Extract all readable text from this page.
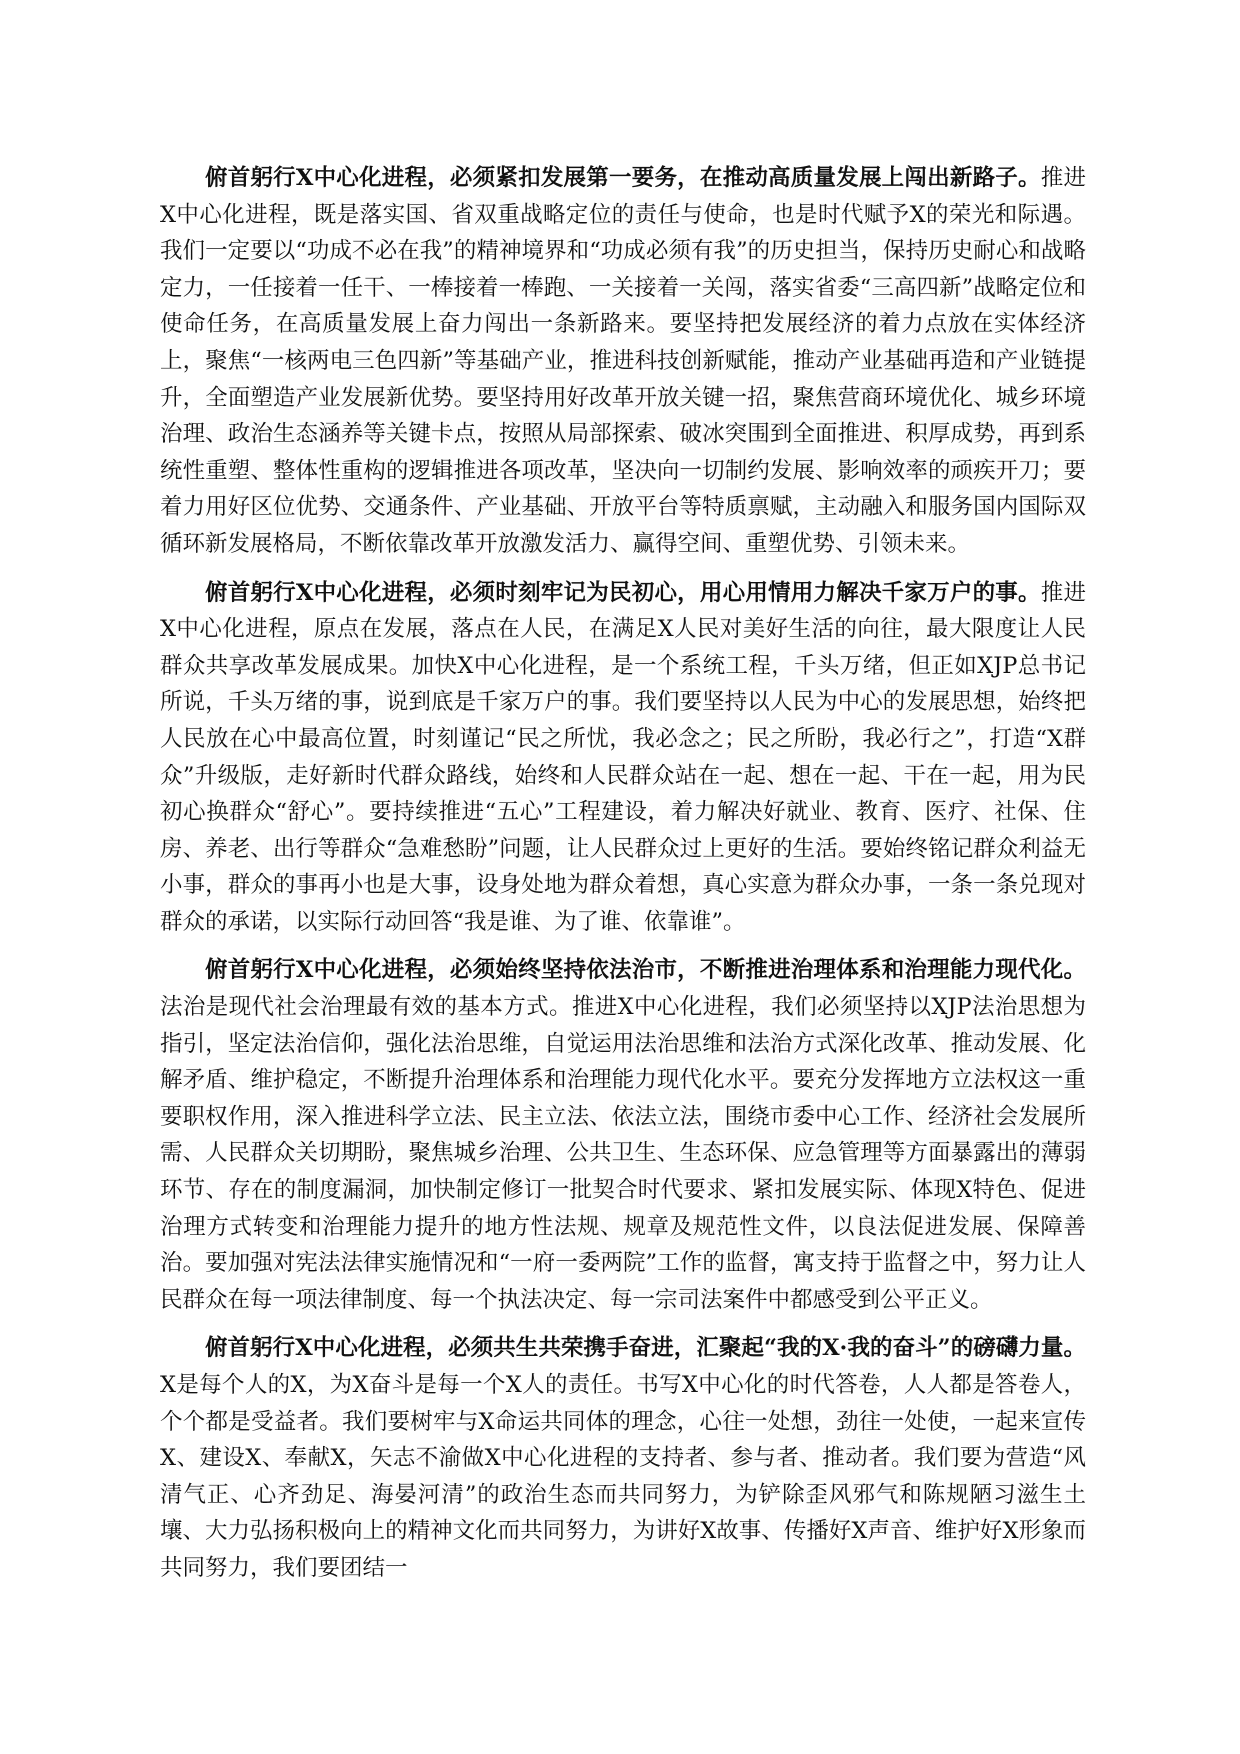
俯首躬行X中心化进程，必须紧扣发展第一要务，在推动高质量发展上闯出新路子。推进X中心化进程，既是落实国、省双重战略定位的责任与使命，也是时代赋予X的荣光和际遇。我们一定要以“功成不必在我”的精神境界和“功成必须有我”的历史担当，保持历史耐心和战略定力，一任接着一任干、一棒接着一棒跑、一关接着一关闯，落实省委“三高四新”战略定位和使命任务，在高质量发展上奋力闯出一条新路来。要坚持把发展经济的着力点放在实体经济上，聚焦“一核两电三色四新”等基础产业，推进科技创新赋能，推动产业基础再造和产业链提升，全面塑造产业发展新优势。要坚持用好改革开放关键一招，聚焦营商环境优化、城乡环境治理、政治生态涵养等关键卡点，按照从局部探索、破冰突围到全面推进、积厚成势，再到系统性重塑、整体性重构的逻辑推进各项改革，坚决向一切制约发展、影响效率的顽疾开刀；要着力用好区位优势、交通条件、产业基础、开放平台等特质禀赋，主动融入和服务国内国际双循环新发展格局，不断依靠改革开放激发活力、赢得空间、重塑优势、引领未来。

俯首躬行X中心化进程，必须时刻牢记为民初心，用心用情用力解决千家万户的事。推进X中心化进程，原点在发展，落点在人民，在满足X人民对美好生活的向往，最大限度让人民群众共享改革发展成果。加快X中心化进程，是一个系统工程，千头万绪，但正如XJP总书记所说，千头万绪的事，说到底是千家万户的事。我们要坚持以人民为中心的发展思想，始终把人民放在心中最高位置，时刻谨记“民之所忧，我必念之；民之所盼，我必行之”，打造“X群众”升级版，走好新时代群众路线，始终和人民群众站在一起、想在一起、干在一起，用为民初心换群众“舒心”。要持续推进“五心”工程建设，着力解决好就业、教育、医疗、社保、住房、养老、出行等群众“急难愁盼”问题，让人民群众过上更好的生活。要始终铭记群众利益无小事，群众的事再小也是大事，设身处地为群众着想，真心实意为群众办事，一条一条兑现对群众的承诺，以实际行动回答“我是谁、为了谁、依靠谁”。

俯首躬行X中心化进程，必须始终坚持依法治市，不断推进治理体系和治理能力现代化。法治是现代社会治理最有效的基本方式。推进X中心化进程，我们必须坚持以XJP法治思想为指引，坚定法治信仰，强化法治思维，自觉运用法治思维和法治方式深化改革、推动发展、化解矛盾、维护稳定，不断提升治理体系和治理能力现代化水平。要充分发挥地方立法权这一重要职权作用，深入推进科学立法、民主立法、依法立法，围绕市委中心工作、经济社会发展所需、人民群众关切期盼，聚焦城乡治理、公共卫生、生态环保、应急管理等方面暴露出的薄弱环节、存在的制度漏洞，加快制定修订一批契合时代要求、紧扣发展实际、体现X特色、促进治理方式转变和治理能力提升的地方性法规、规章及规范性文件，以良法促进发展、保障善治。要加强对宪法法律实施情况和“一府一委两院”工作的监督，寓支持于监督之中，努力让人民群众在每一项法律制度、每一个执法决定、每一宗司法案件中都感受到公平正义。

俯首躬行X中心化进程，必须共生共荣携手奋进，汇聚起“我的X·我的奋斗”的磅礴力量。X是每个人的X，为X奋斗是每一个X人的责任。书写X中心化的时代答卷，人人都是答卷人，个个都是受益者。我们要树牢与X命运共同体的理念，心往一处想，劲往一处使，一起来宣传X、建设X、奉献X，矢志不渝做X中心化进程的支持者、参与者、推动者。我们要为营造“风清气正、心齐劲足、海晏河清”的政治生态而共同努力，为铲除歪风邪气和陈规陋习滋生土壤、大力弘扬积极向上的精神文化而共同努力，为讲好X故事、传播好X声音、维护好X形象而共同努力，我们要团结一
